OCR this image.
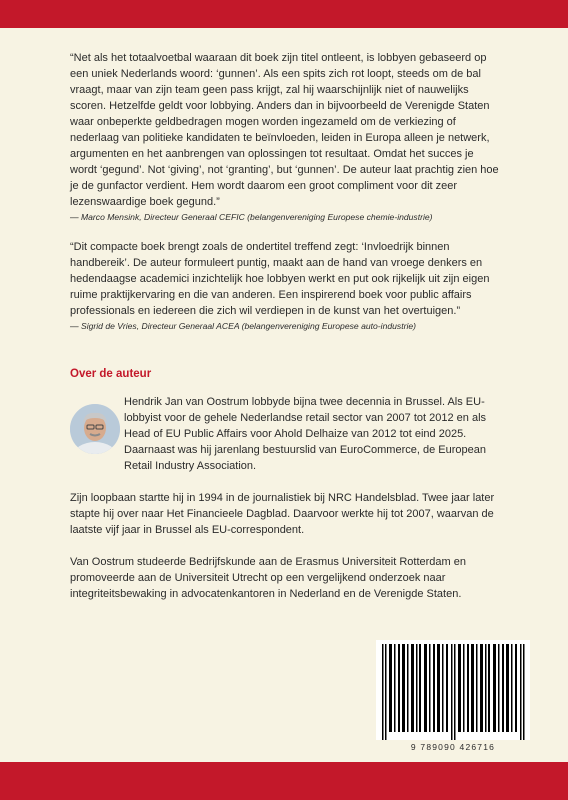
“Net als het totaalvoetbal waaraan dit boek zijn titel ontleent, is lobbyen gebaseerd op een uniek Nederlands woord: ‘gunnen’. Als een spits zich rot loopt, steeds om de bal vraagt, maar van zijn team geen pass krijgt, zal hij waarschijnlijk niet of nauwelijks scoren. Hetzelfde geldt voor lobbying. Anders dan in bijvoorbeeld de Verenigde Staten waar onbeperkte geldbedragen mogen worden ingezameld om de verkiezing of nederlaag van politieke kandidaten te beïnvloeden, leiden in Europa alleen je netwerk, argumenten en het aanbrengen van oplossingen tot resultaat. Omdat het succes je wordt ‘gegund’. Not ‘giving’, not ‘granting’, but ‘gunnen’. De auteur laat prachtig zien hoe je de gunfactor verdient. Hem wordt daarom een groot compliment voor dit zeer lezenswaardige boek gegund.”

— Marco Mensink, Directeur Generaal CEFIC (belangenvereniging Europese chemie-industrie)

“Dit compacte boek brengt zoals de ondertitel treffend zegt: ‘Invloedrijk binnen handbereik’. De auteur formuleert puntig, maakt aan de hand van vroege denkers en hedendaagse academici inzichtelijk hoe lobbyen werkt en put ook rijkelijk uit zijn eigen ruime praktijkervaring en die van anderen. Een inspirerend boek voor public affairs professionals en iedereen die zich wil verdiepen in de kunst van het overtuigen.”

— Sigrid de Vries, Directeur Generaal ACEA (belangenvereniging Europese auto-industrie)

Over de auteur

Hendrik Jan van Oostrum lobbyde bijna twee decennia in Brussel. Als EU-lobbyist voor de gehele Nederlandse retail sector van 2007 tot 2012 en als Head of EU Public Affairs voor Ahold Delhaize van 2012 tot eind 2025. Daarnaast was hij jarenlang bestuurslid van EuroCommerce, de European Retail Industry Association.

Zijn loopbaan startte hij in 1994 in de journalistiek bij NRC Handelsblad. Twee jaar later stapte hij over naar Het Financieele Dagblad. Daarvoor werkte hij tot 2007, waarvan de laatste vijf jaar in Brussel als EU-correspondent.

Van Oostrum studeerde Bedrijfskunde aan de Erasmus Universiteit Rotterdam en promoveerde aan de Universiteit Utrecht op een vergelijkend onderzoek naar integriteitsbewaking in advocatenkantoren in Nederland en de Verenigde Staten.

9 789090 426716
